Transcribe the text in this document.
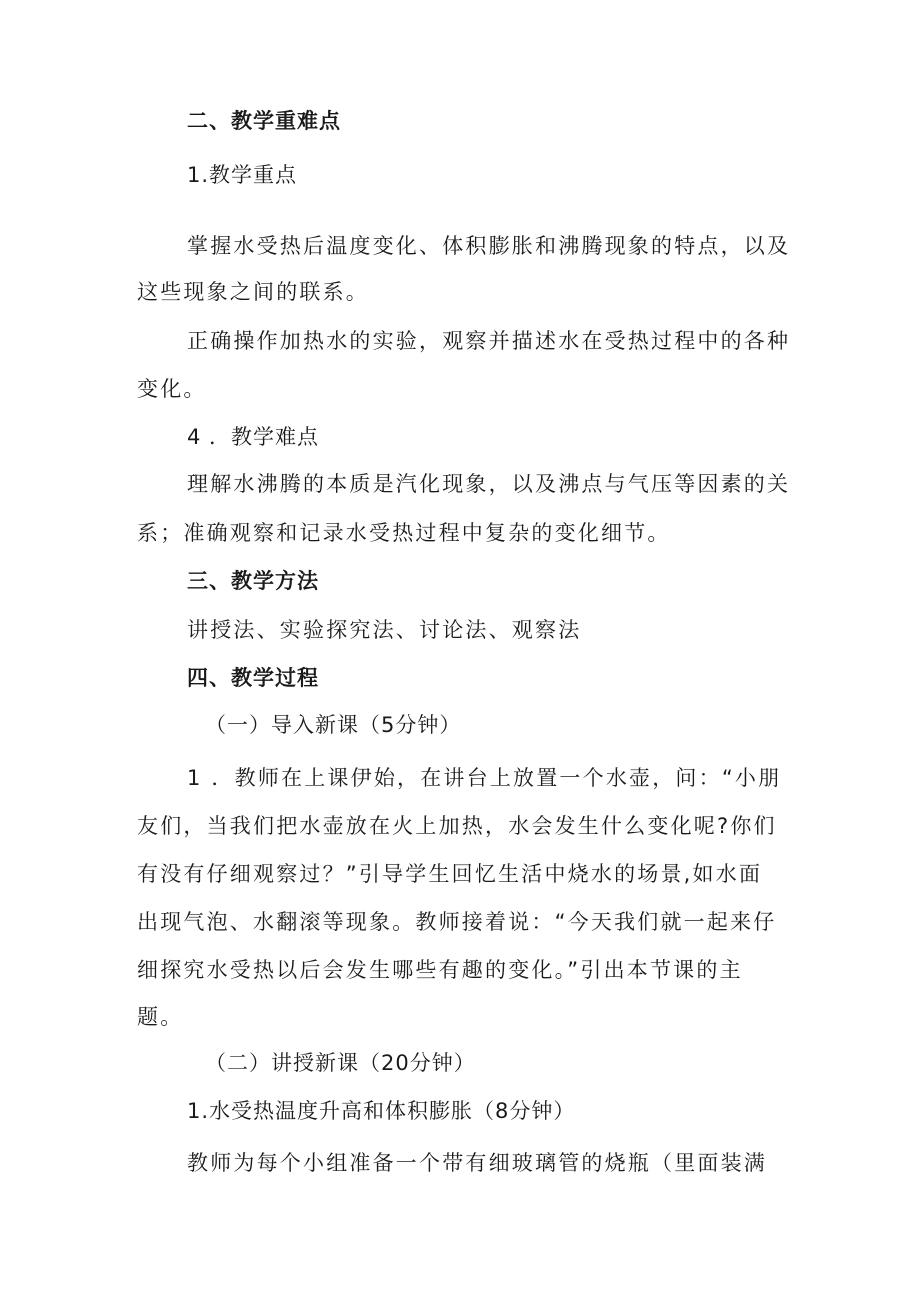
二、教学重难点
1.教学重点
掌握水受热后温度变化、体积膨胀和沸腾现象的特点，以及
这些现象之间的联系。
正确操作加热水的实验，观察并描述水在受热过程中的各种
变化。
4 ．教学难点
理解水沸腾的本质是汽化现象，以及沸点与气压等因素的关
系；准确观察和记录水受热过程中复杂的变化细节。
三、教学方法
讲授法、实验探究法、讨论法、观察法
四、教学过程
（一）导入新课（5分钟）
1 ．教师在上课伊始，在讲台上放置一个水壶，问：“小朋
友们，当我们把水壶放在火上加热，水会发生什么变化呢?你们
有没有仔细观察过？”引导学生回忆生活中烧水的场景,如水面
出现气泡、水翻滚等现象。教师接着说：“今天我们就一起来仔
细探究水受热以后会发生哪些有趣的变化。”引出本节课的主
题。
（二）讲授新课（20分钟）
1.水受热温度升高和体积膨胀（8分钟）
教师为每个小组准备一个带有细玻璃管的烧瓶（里面装满
